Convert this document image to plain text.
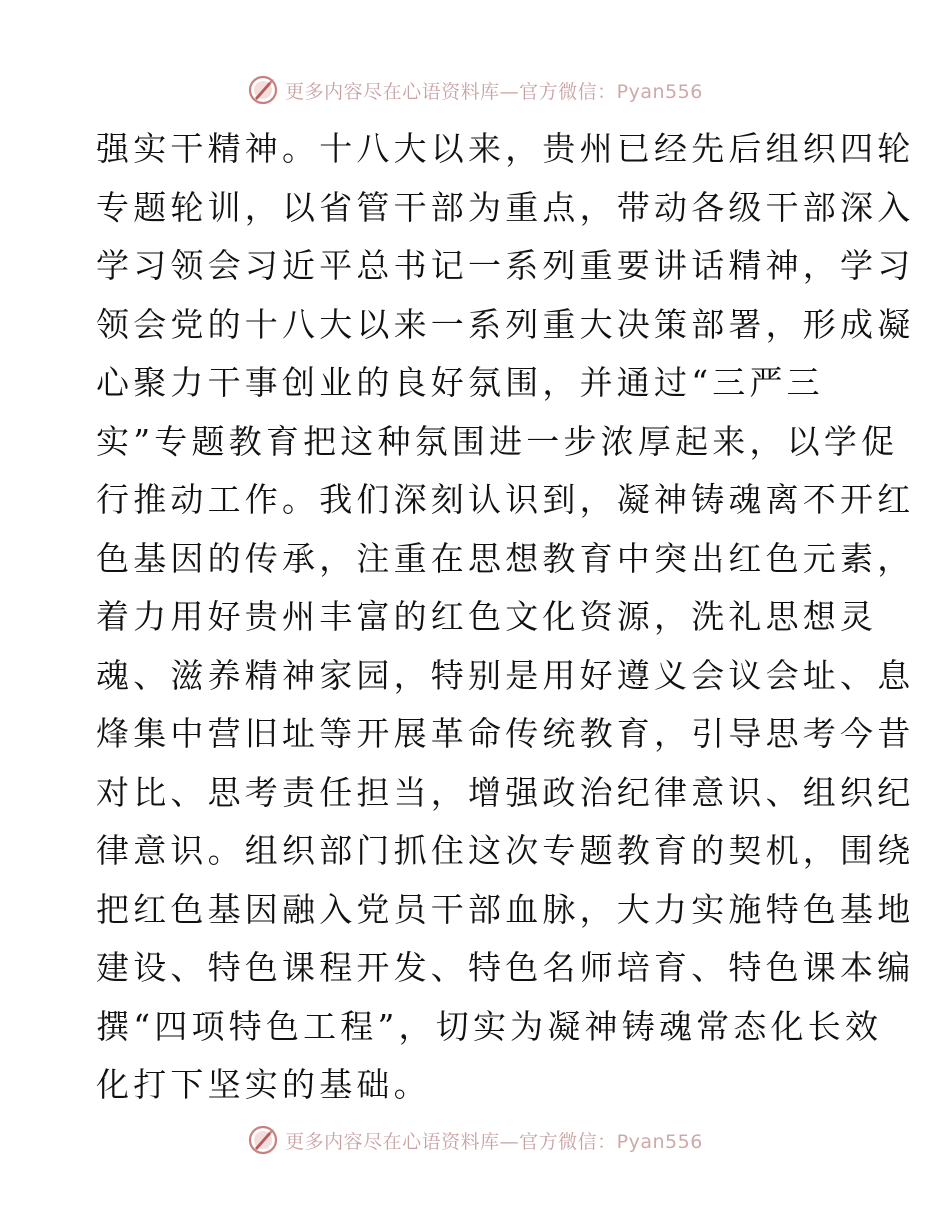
更多内容尽在心语资料库—官方微信：Pyan556
强实干精神。十八大以来，贵州已经先后组织四轮
专题轮训，以省管干部为重点，带动各级干部深入
学习领会习近平总书记一系列重要讲话精神，学习
领会党的十八大以来一系列重大决策部署，形成凝
心聚力干事创业的良好氛围，并通过“三严三
实”专题教育把这种氛围进一步浓厚起来，以学促
行推动工作。我们深刻认识到，凝神铸魂离不开红
色基因的传承，注重在思想教育中突出红色元素，
着力用好贵州丰富的红色文化资源，洗礼思想灵
魂、滋养精神家园，特别是用好遵义会议会址、息
烽集中营旧址等开展革命传统教育，引导思考今昔
对比、思考责任担当，增强政治纪律意识、组织纪
律意识。组织部门抓住这次专题教育的契机，围绕
把红色基因融入党员干部血脉，大力实施特色基地
建设、特色课程开发、特色名师培育、特色课本编
撰“四项特色工程”，切实为凝神铸魂常态化长效
化打下坚实的基础。
更多内容尽在心语资料库—官方微信：Pyan556
